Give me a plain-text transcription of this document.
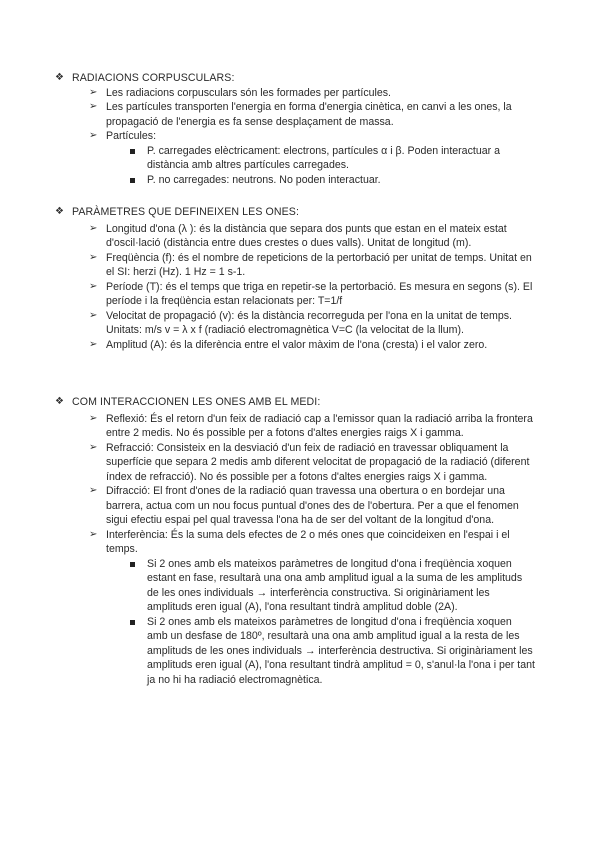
❖ RADIACIONS CORPUSCULARS:
➢ Les radiacions corpusculars són les formades per partícules.
➢ Les partícules transporten l'energia en forma d'energia cinètica, en canvi a les ones, la propagació de l'energia es fa sense desplaçament de massa.
➢ Partícules:
P. carregades elèctricament: electrons, partícules α i β. Poden interactuar a distància amb altres partícules carregades.
P. no carregades: neutrons. No poden interactuar.
❖ PARÀMETRES QUE DEFINEIXEN LES ONES:
➢ Longitud d'ona (λ ): és la distància que separa dos punts que estan en el mateix estat d'oscil·lació (distància entre dues crestes o dues valls). Unitat de longitud (m).
➢ Freqüència (f): és el nombre de repeticions de la pertorbació per unitat de temps. Unitat en el SI: herzi (Hz). 1 Hz = 1 s-1.
➢ Període (T): és el temps que triga en repetir-se la pertorbació. Es mesura en segons (s). El període i la freqüència estan relacionats per: T=1/f
➢ Velocitat de propagació (v): és la distància recorreguda per l'ona en la unitat de temps. Unitats: m/s v = λ x f (radiació electromagnètica V=C (la velocitat de la llum).
➢ Amplitud (A): és la diferència entre el valor màxim de l'ona (cresta) i el valor zero.
❖ COM INTERACCIONEN LES ONES AMB EL MEDI:
➢ Reflexió: És el retorn d'un feix de radiació cap a l'emissor quan la radiació arriba la frontera entre 2 medis. No és possible per a fotons d'altes energies raigs X i gamma.
➢ Refracció: Consisteix en la desviació d'un feix de radiació en travessar obliquament la superfície que separa 2 medis amb diferent velocitat de propagació de la radiació (diferent índex de refracció). No és possible per a fotons d'altes energies raigs X i gamma.
➢ Difracció: El front d'ones de la radiació quan travessa una obertura o en bordejar una barrera, actua com un nou focus puntual d'ones des de l'obertura. Per a que el fenomen sigui efectiu espai pel qual travessa l'ona ha de ser del voltant de la longitud d'ona.
➢ Interferència: És la suma dels efectes de 2 o més ones que coincideixen en l'espai i el temps.
Si 2 ones amb els mateixos paràmetres de longitud d'ona i freqüència xoquen estant en fase, resultarà una ona amb amplitud igual a la suma de les amplituds de les ones individuals → interferència constructiva. Si originàriament les amplituds eren igual (A), l'ona resultant tindrà amplitud doble (2A).
Si 2 ones amb els mateixos paràmetres de longitud d'ona i freqüència xoquen amb un desfase de 180º, resultarà una ona amb amplitud igual a la resta de les amplituds de les ones individuals → interferència destructiva. Si originàriament les amplituds eren igual (A), l'ona resultant tindrà amplitud = 0, s'anul·la l'ona i per tant ja no hi ha radiació electromagnètica.
